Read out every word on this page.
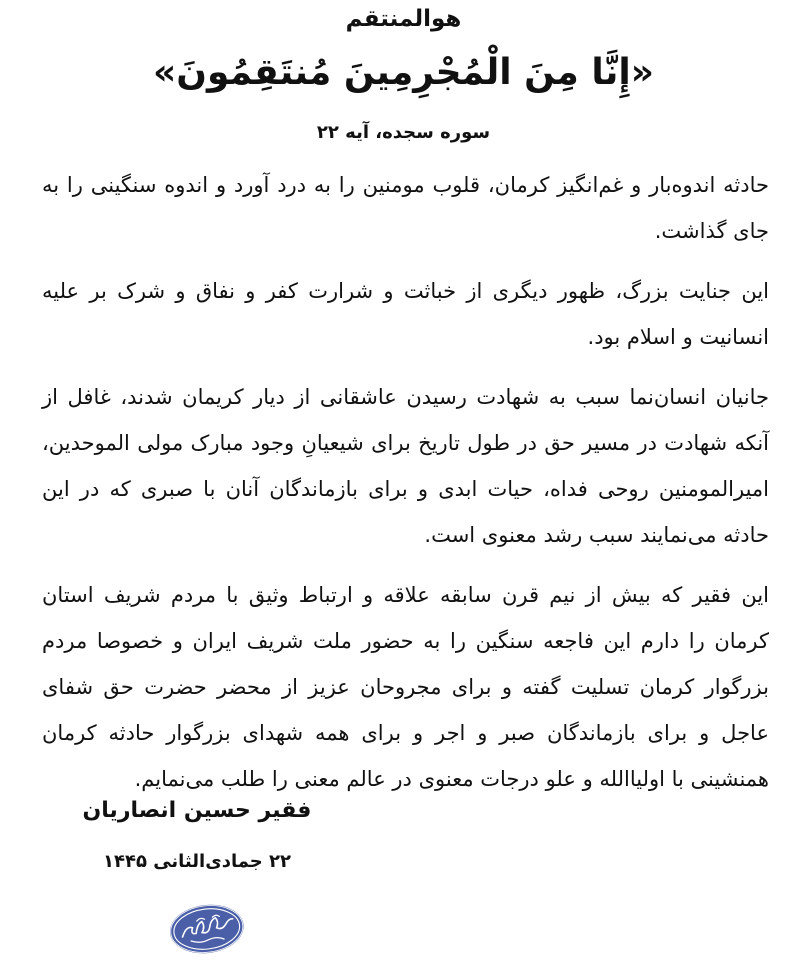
هوالمنتقم
«إِنَّا مِنَ الْمُجْرِمِينَ مُنتَقِمُونَ»
سوره سجده، آیه ۲۲

حادثه اندوه‌بار و غم‌انگیز کرمان، قلوب مومنین را به درد آورد و اندوه سنگینی را به جای گذاشت.

این جنایت بزرگ، ظهور دیگری از خباثت و شرارت کفر و نفاق و شرک بر علیه انسانیت و اسلام بود.

جانیان انسان‌نما سبب به شهادت رسیدن عاشقانی از دیار کریمان شدند، غافل از آنکه شهادت در مسیر حق در طول تاریخ برای شیعیانِ وجود مبارک مولی الموحدین، امیرالمومنین روحی فداه، حیات ابدی و برای بازماندگان آنان با صبری که در این حادثه می‌نمایند سبب رشد معنوی است.

این فقیر که بیش از نیم قرن سابقه علاقه و ارتباط وثیق با مردم شریف استان کرمان را دارم این فاجعه سنگین را به حضور ملت شریف ایران و خصوصا مردم بزرگوار کرمان تسلیت گفته و برای مجروحان عزیز از محضر حضرت حق شفای عاجل و برای بازماندگان صبر و اجر و برای همه شهدای بزرگوار حادثه کرمان همنشینی با اولیاالله و علو درجات معنوی در عالم معنی را طلب می‌نمایم.

فقیر حسین انصاریان
۲۲ جمادی‌الثانی ۱۴۴۵
